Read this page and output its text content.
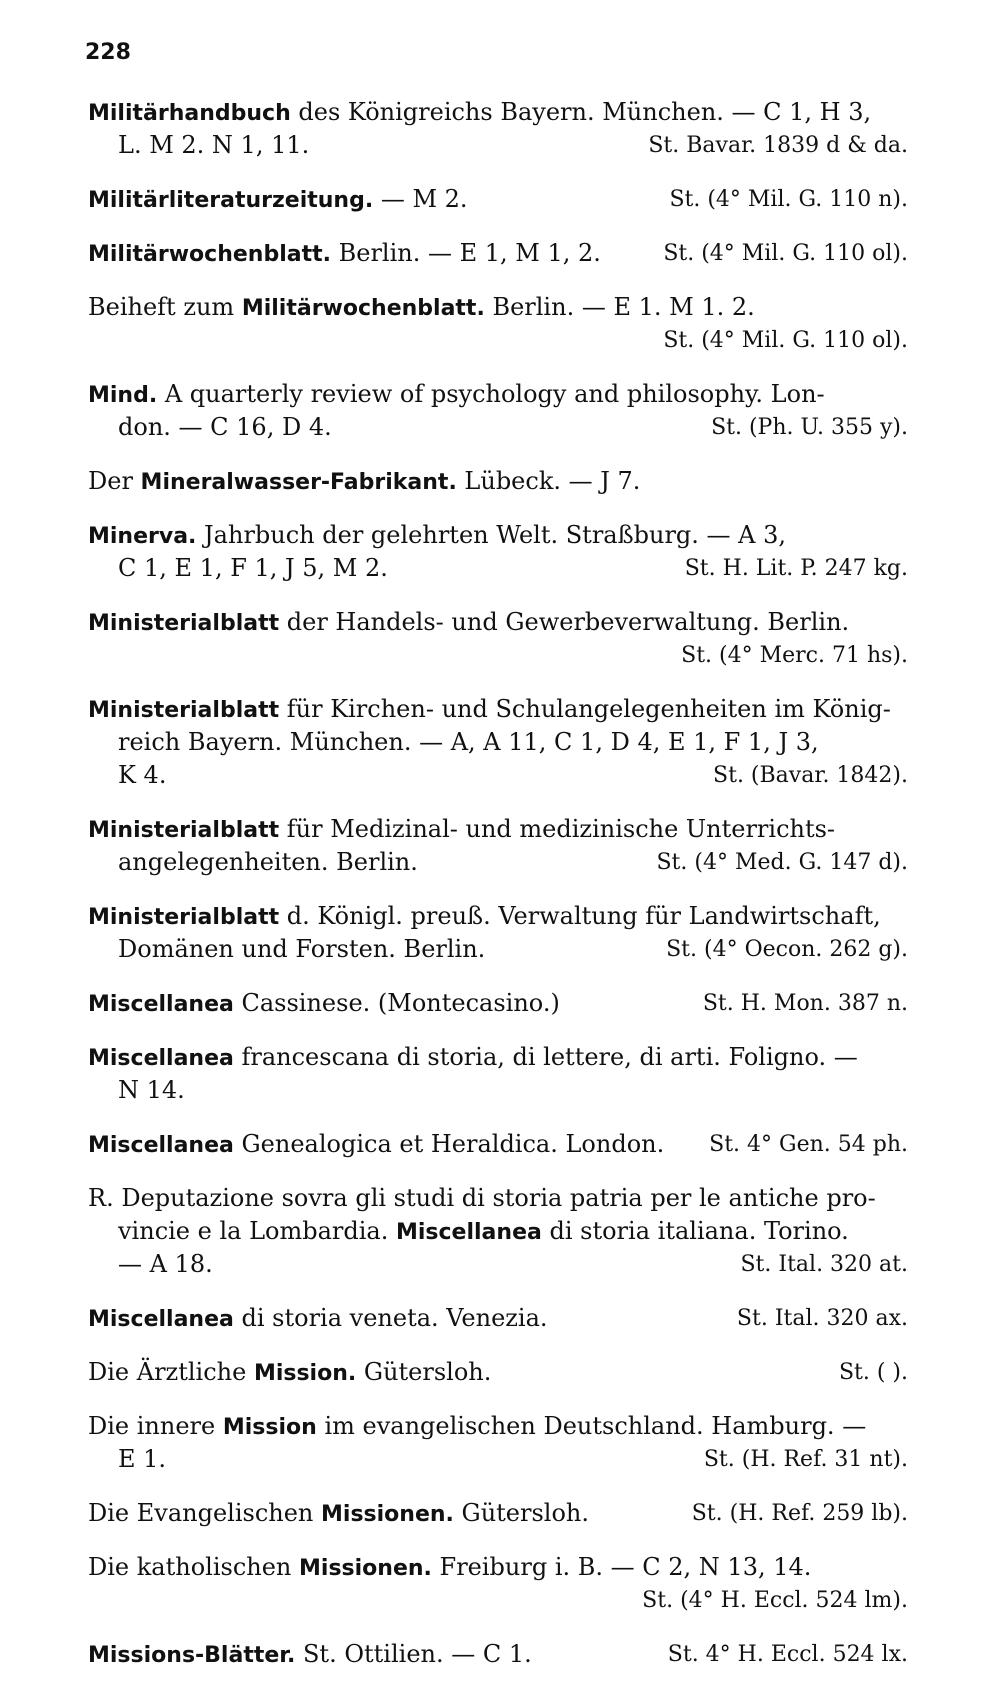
228
Militärhandbuch des Königreichs Bayern. München. — C 1, H 3,
L. M 2. N 1, 11.	St. Bavar. 1839 d & da.
Militärliteraturzeitung. — M 2.	St. (4° Mil. G. 110 n).
Militärwochenblatt. Berlin. — E 1, M 1, 2.	St. (4° Mil. G. 110 ol).
Beiheft zum Militärwochenblatt. Berlin. — E 1. M 1. 2.
St. (4° Mil. G. 110 ol).
Mind. A quarterly review of psychology and philosophy. Lon-
don. — C 16, D 4.	St. (Ph. U. 355 y).
Der Mineralwasser-Fabrikant. Lübeck. — J 7.
Minerva. Jahrbuch der gelehrten Welt. Straßburg. — A 3,
C 1, E 1, F 1, J 5, M 2.	St. H. Lit. P. 247 kg.
Ministerialblatt der Handels- und Gewerbeverwaltung. Berlin.
St. (4° Merc. 71 hs).
Ministerialblatt für Kirchen- und Schulangelegenheiten im König-
reich Bayern. München. — A, A 11, C 1, D 4, E 1, F 1, J 3,
K 4.	St. (Bavar. 1842).
Ministerialblatt für Medizinal- und medizinische Unterrichts-
angelegenheiten. Berlin.	St. (4° Med. G. 147 d).
Ministerialblatt d. Königl. preuß. Verwaltung für Landwirtschaft,
Domänen und Forsten. Berlin.	St. (4° Oecon. 262 g).
Miscellanea Cassinese. (Montecasino.)	St. H. Mon. 387 n.
Miscellanea francescana di storia, di lettere, di arti. Foligno. —
N 14.
Miscellanea Genealogica et Heraldica. London.	St. 4° Gen. 54 ph.
R. Deputazione sovra gli studi di storia patria per le antiche pro-
vincie e la Lombardia. Miscellanea di storia italiana. Torino.
— A 18.	St. Ital. 320 at.
Miscellanea di storia veneta. Venezia.	St. Ital. 320 ax.
Die Ärztliche Mission. Gütersloh.	St. ( ).
Die innere Mission im evangelischen Deutschland. Hamburg. —
E 1.	St. (H. Ref. 31 nt).
Die Evangelischen Missionen. Gütersloh.	St. (H. Ref. 259 lb).
Die katholischen Missionen. Freiburg i. B. — C 2, N 13, 14.
St. (4° H. Eccl. 524 lm).
Missions-Blätter. St. Ottilien. — C 1.	St. 4° H. Eccl. 524 lx.
